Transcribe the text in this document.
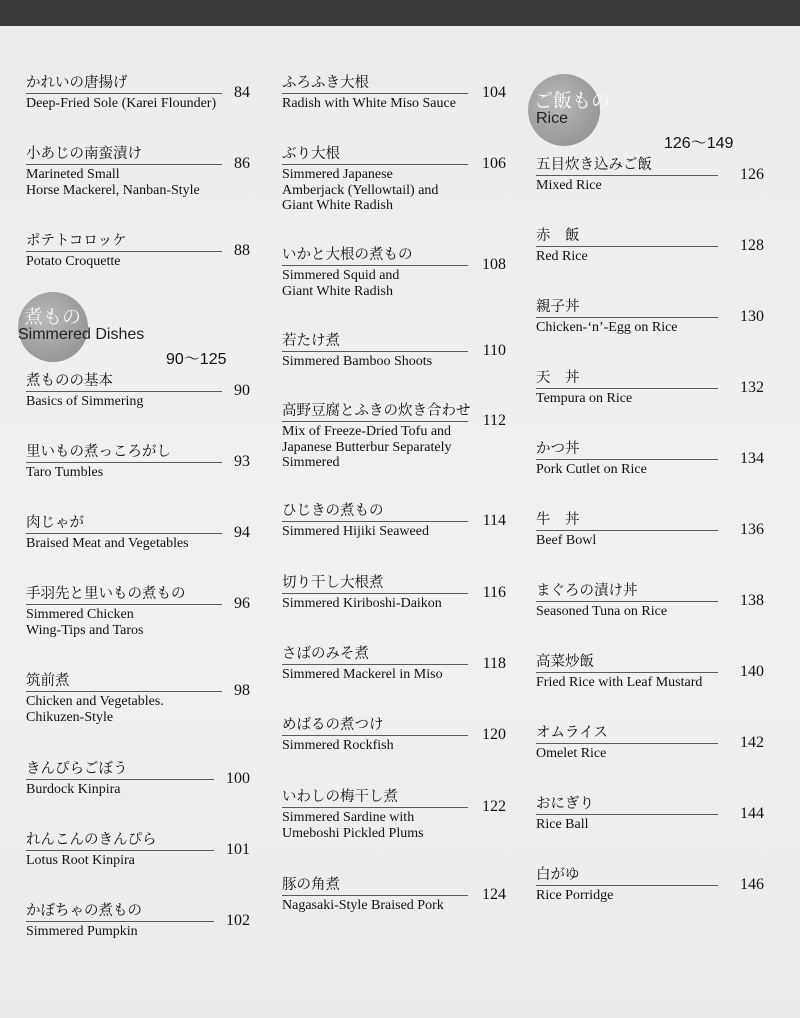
かれいの唐揚げ
Deep-Fried Sole (Karei Flounder)
84
小あじの南蛮漬け
Marineted Small
Horse Mackerel, Nanban-Style
86
ポテトコロッケ
Potato Croquette
88
煮もの
Simmered Dishes
90〜125
煮ものの基本
Basics of Simmering
90
里いもの煮っころがし
Taro Tumbles
93
肉じゃが
Braised Meat and Vegetables
94
手羽先と里いもの煮もの
Simmered Chicken
Wing-Tips and Taros
96
筑前煮
Chicken and Vegetables.
Chikuzen-Style
98
きんぴらごぼう
Burdock Kinpira
100
れんこんのきんぴら
Lotus Root Kinpira
101
かぼちゃの煮もの
Simmered Pumpkin
102
ふろふき大根
Radish with White Miso Sauce
104
ぶり大根
Simmered Japanese
Amberjack (Yellowtail) and
Giant White Radish
106
いかと大根の煮もの
Simmered Squid and
Giant White Radish
108
若たけ煮
Simmered Bamboo Shoots
110
高野豆腐とふきの炊き合わせ
Mix of Freeze-Dried Tofu and
Japanese Butterbur Separately
Simmered
112
ひじきの煮もの
Simmered Hijiki Seaweed
114
切り干し大根煮
Simmered Kiriboshi-Daikon
116
さばのみそ煮
Simmered Mackerel in Miso
118
めばるの煮つけ
Simmered Rockfish
120
いわしの梅干し煮
Simmered Sardine with
Umeboshi Pickled Plums
122
豚の角煮
Nagasaki-Style Braised Pork
124
ご飯もの
Rice
126〜149
五目炊き込みご飯
Mixed Rice
126
赤　飯
Red Rice
128
親子丼
Chicken-‘n’-Egg on Rice
130
天　丼
Tempura on Rice
132
かつ丼
Pork Cutlet on Rice
134
牛　丼
Beef Bowl
136
まぐろの漬け丼
Seasoned Tuna on Rice
138
高菜炒飯
Fried Rice with Leaf Mustard
140
オムライス
Omelet Rice
142
おにぎり
Rice Ball
144
白がゆ
Rice Porridge
146
